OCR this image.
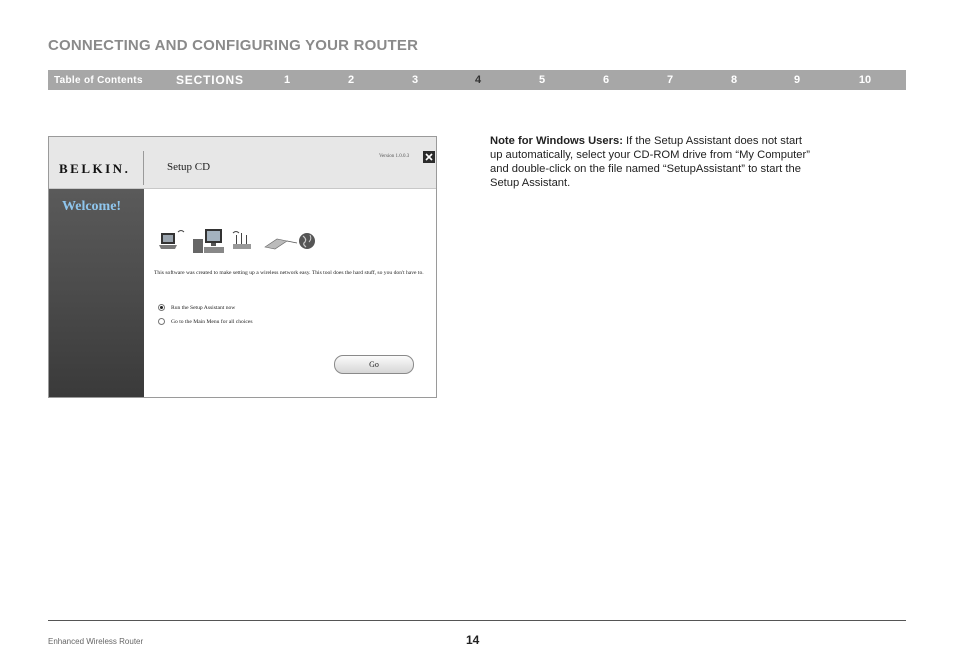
CONNECTING AND CONFIGURING YOUR ROUTER
Table of Contents	SECTIONS	1	2	3	4	5	6	7	8	9	10
BELKIN.	Setup CD
Version 1.0.0.3
Welcome!
This software was created to make setting up a wireless network easy. This tool does the hard stuff, so you don't have to.
Run the Setup Assistant now
Go to the Main Menu for all choices
Go
Note for Windows Users: If the Setup Assistant does not start
up automatically, select your CD-ROM drive from “My Computer”
and double-click on the file named “SetupAssistant” to start the
Setup Assistant.
Enhanced Wireless Router	14
